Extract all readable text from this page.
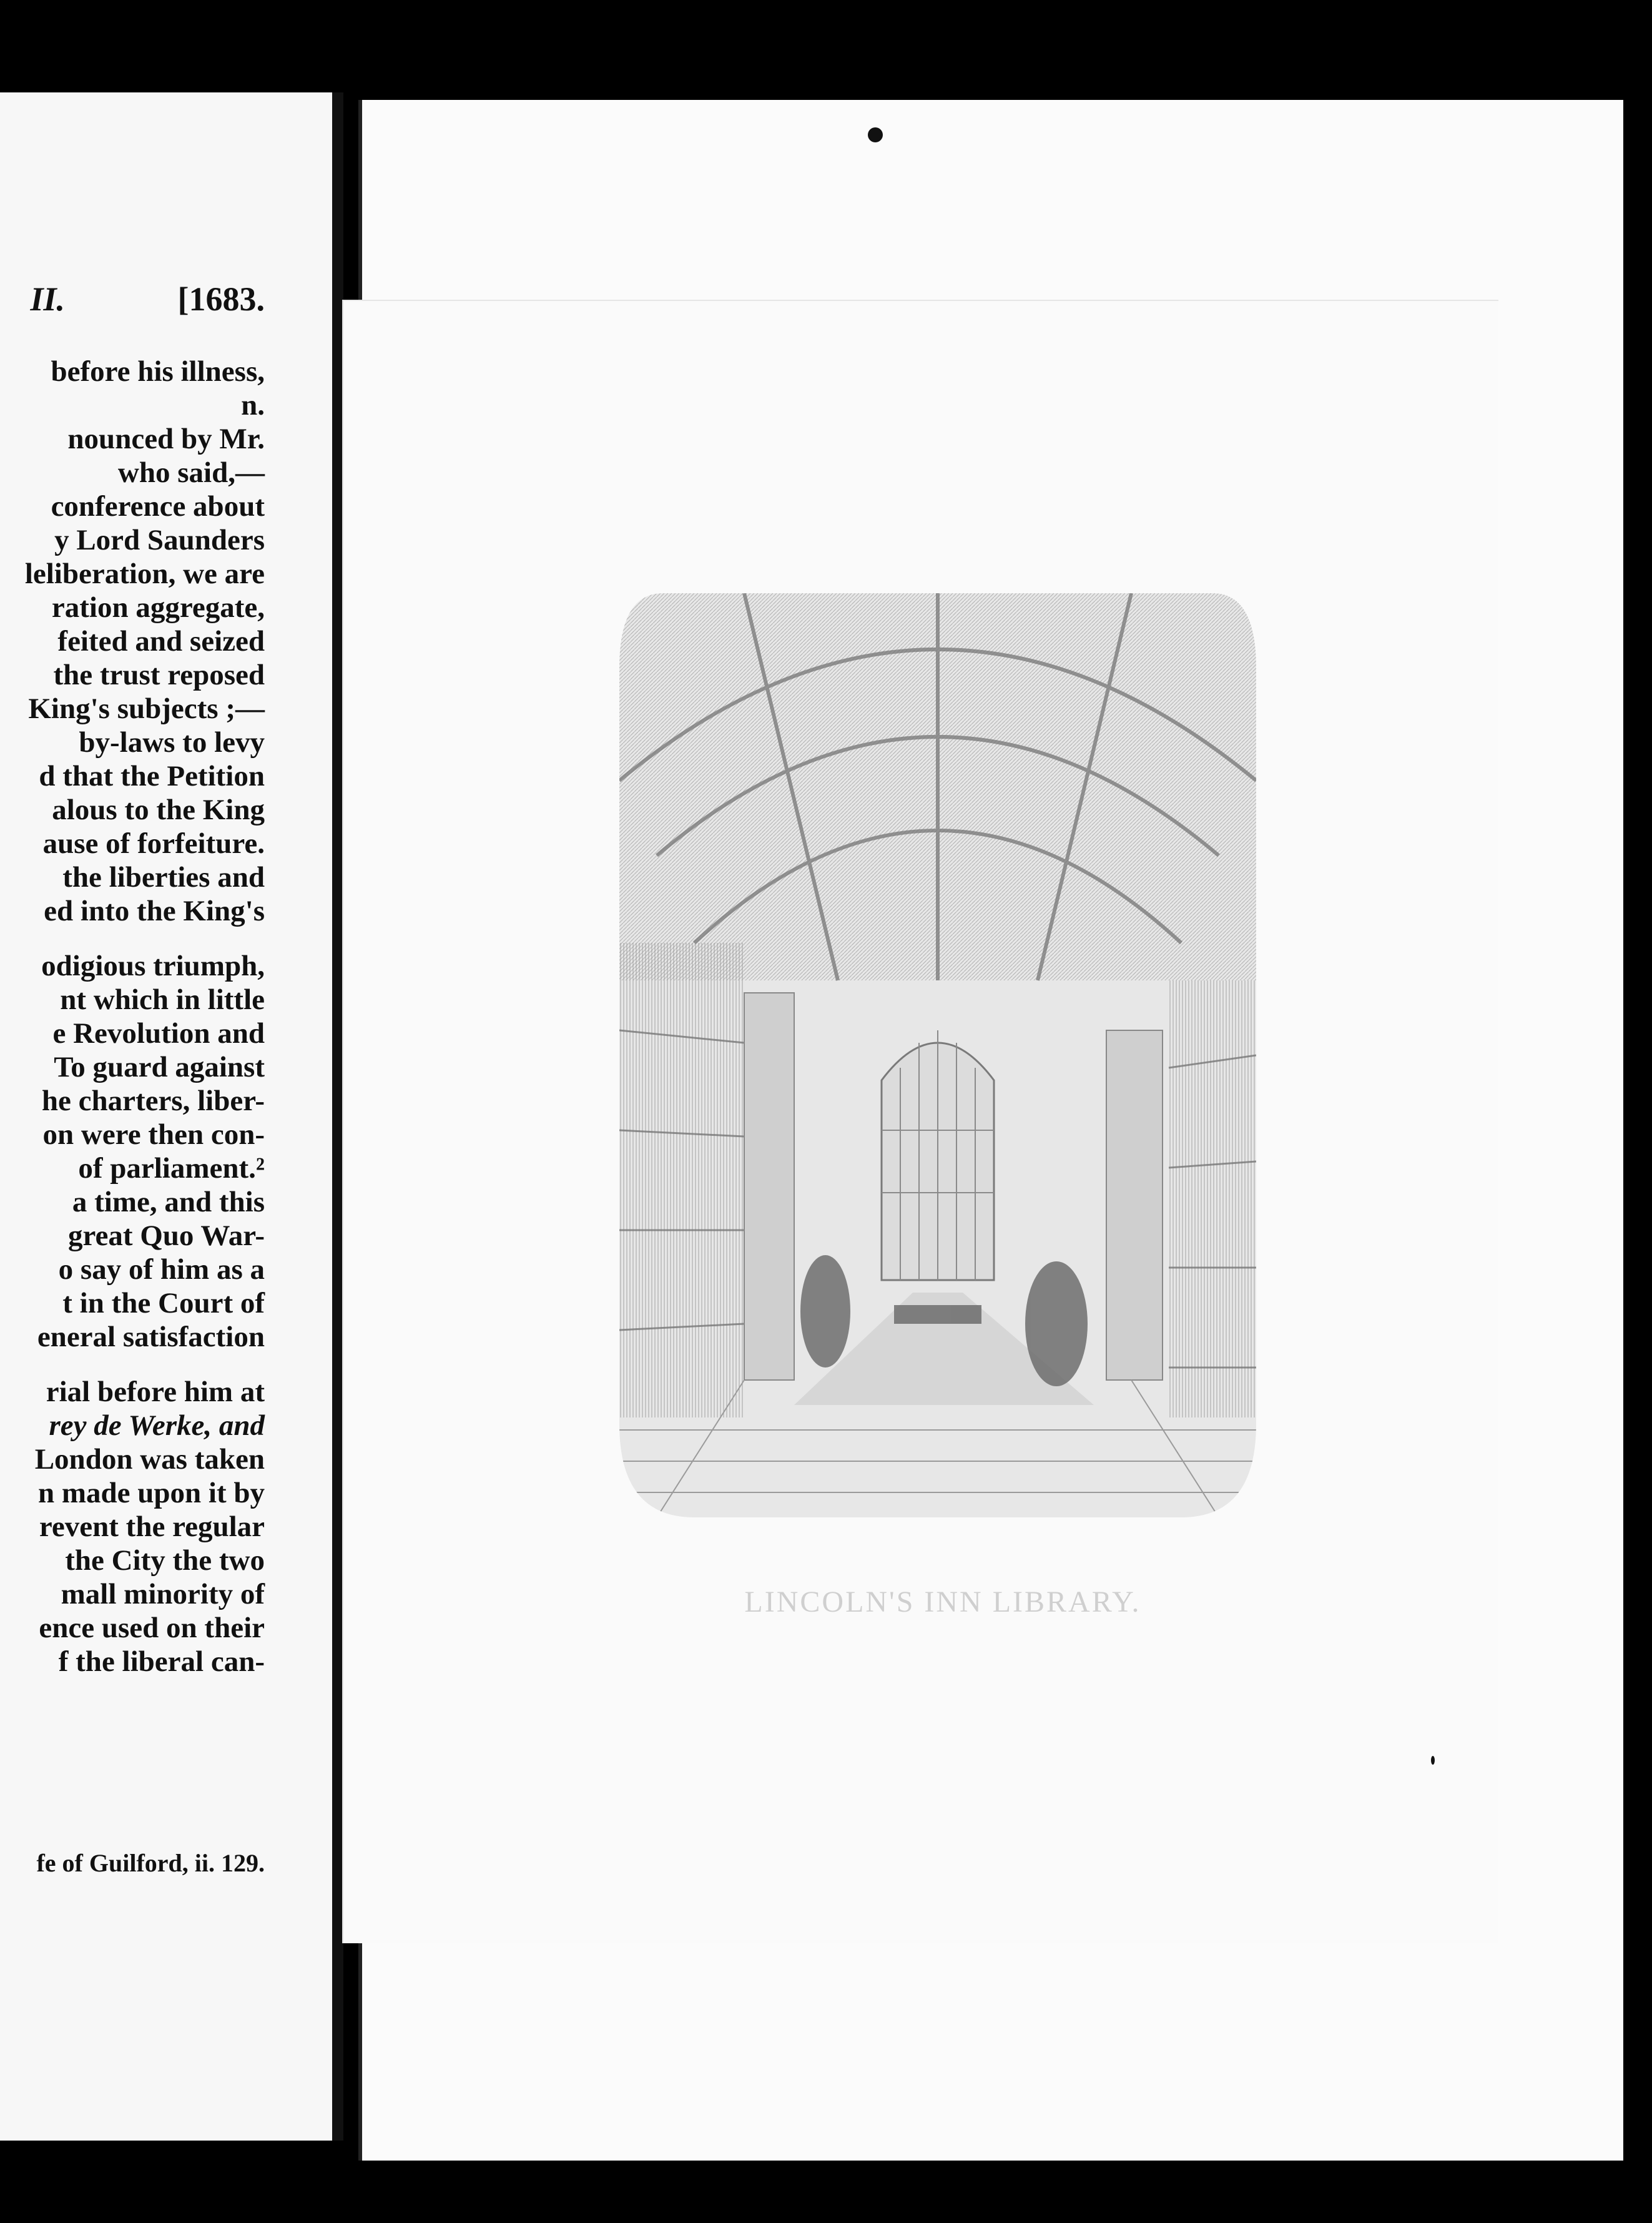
II.	[1683.
before his illness,
n.
nounced by Mr.
who said,—
conference about
y Lord Saunders
leliberation, we are
ration aggregate,
feited and seized
the trust reposed
King's subjects ;—
by-laws to levy
d that the Petition
alous to the King
ause of forfeiture.
the liberties and
ed into the King's
odigious triumph,
nt which in little
e Revolution and
To guard against
he charters, liber-
on were then con-
of parliament.²
a time, and this
great Quo War-
o say of him as a
t in the Court of
eneral satisfaction
rial before him at
rey de Werke, and
London was taken
n made upon it by
revent the regular
the City the two
mall minority of
ence used on their
f the liberal can-
fe of Guilford, ii. 129.
LINCOLN'S INN LIBRARY.
